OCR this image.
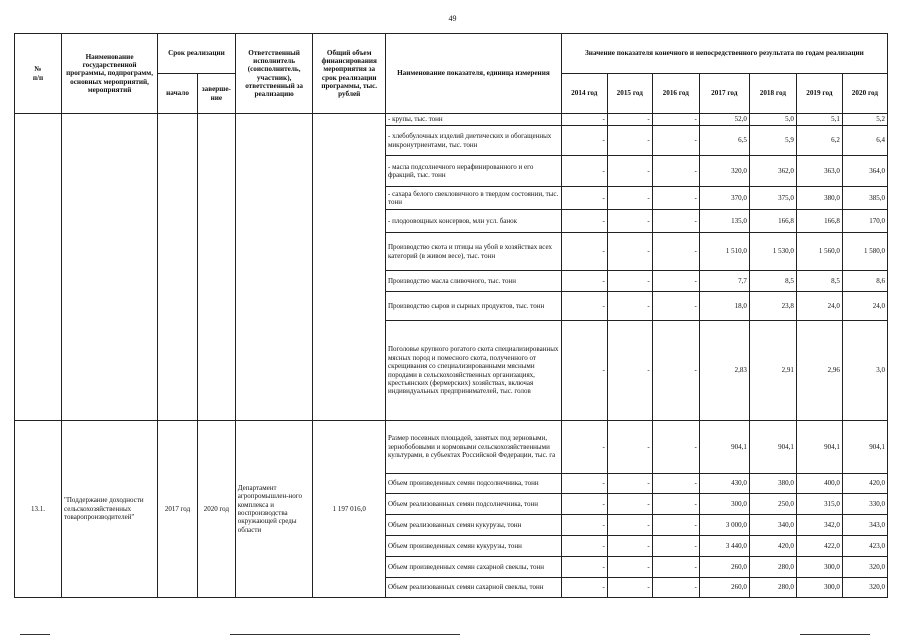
49
№
п/п	Наименование государственной программы, подпрограмм, основных мероприятий, мероприятий	Срок реализации		Ответственный исполнитель (соисполнитель, участник), ответственный за реализацию	Общий объем финансирования мероприятия за срок реализации программы, тыс. рублей	Наименование показателя, единица измерения	Значение показателя конечного и непосредственного результата по годам реализации						
		начало	заверше-ние				2014 год	2015 год	2016 год	2017 год	2018 год	2019 год	2020 год
						- крупы, тыс. тонн	-	-	-	52,0	5,0	5,1	5,2
						- хлебобулочных изделий диетических и обогащенных микронутриентами, тыс. тонн	-	-	-	6,5	5,9	6,2	6,4
						- масла подсолнечного нерафинированного и его фракций, тыс. тонн	-	-	-	320,0	362,0	363,0	364,0
						- сахара белого свекловичного в твердом состоянии, тыс. тонн	-	-	-	370,0	375,0	380,0	385,0
						- плодоовощных консервов, млн усл. банок	-	-	-	135,0	166,8	166,8	170,0
						Производство скота и птицы на убой в хозяйствах всех категорий (в живом весе), тыс. тонн	-	-	-	1 510,0	1 530,0	1 560,0	1 580,0
						Производство масла сливочного, тыс. тонн	-	-	-	7,7	8,5	8,5	8,6
						Производство сыров и сырных продуктов, тыс. тонн	-	-	-	18,0	23,8	24,0	24,0
						Поголовье крупного рогатого скота специализированных мясных пород и помесного скота, полученного от скрещивания со специализированными мясными породами в сельскохозяйственных организациях, крестьянских (фермерских) хозяйствах, включая индивидуальных предпринимателей, тыс. голов	-	-	-	2,83	2,91	2,96	3,0
13.1.	"Поддержание доходности сельскохозяйственных товаропроизводителей"	2017 год	2020 год	Департамент агропромышлен-ного комплекса и воспроизводства окружающей среды области	1 197 016,0	Размер посевных площадей, занятых под зерновыми, зернобобовыми и кормовыми сельскохозяйственными культурами, в субъектах Российской Федерации, тыс. га	-	-	-	904,1	904,1	904,1	904,1
						Объем произведенных семян подсолнечника, тонн	-	-	-	430,0	380,0	400,0	420,0
						Объем реализованных семян подсолнечника, тонн	-	-	-	300,0	250,0	315,0	330,0
						Объем реализованных семян кукурузы, тонн	-	-	-	3 000,0	340,0	342,0	343,0
						Объем произведенных семян кукурузы, тонн	-	-	-	3 440,0	420,0	422,0	423,0
						Объем произведенных семян сахарной свеклы, тонн	-	-	-	260,0	280,0	300,0	320,0
						Объем реализованных семян сахарной свеклы, тонн	-	-	-	260,0	280,0	300,0	320,0
